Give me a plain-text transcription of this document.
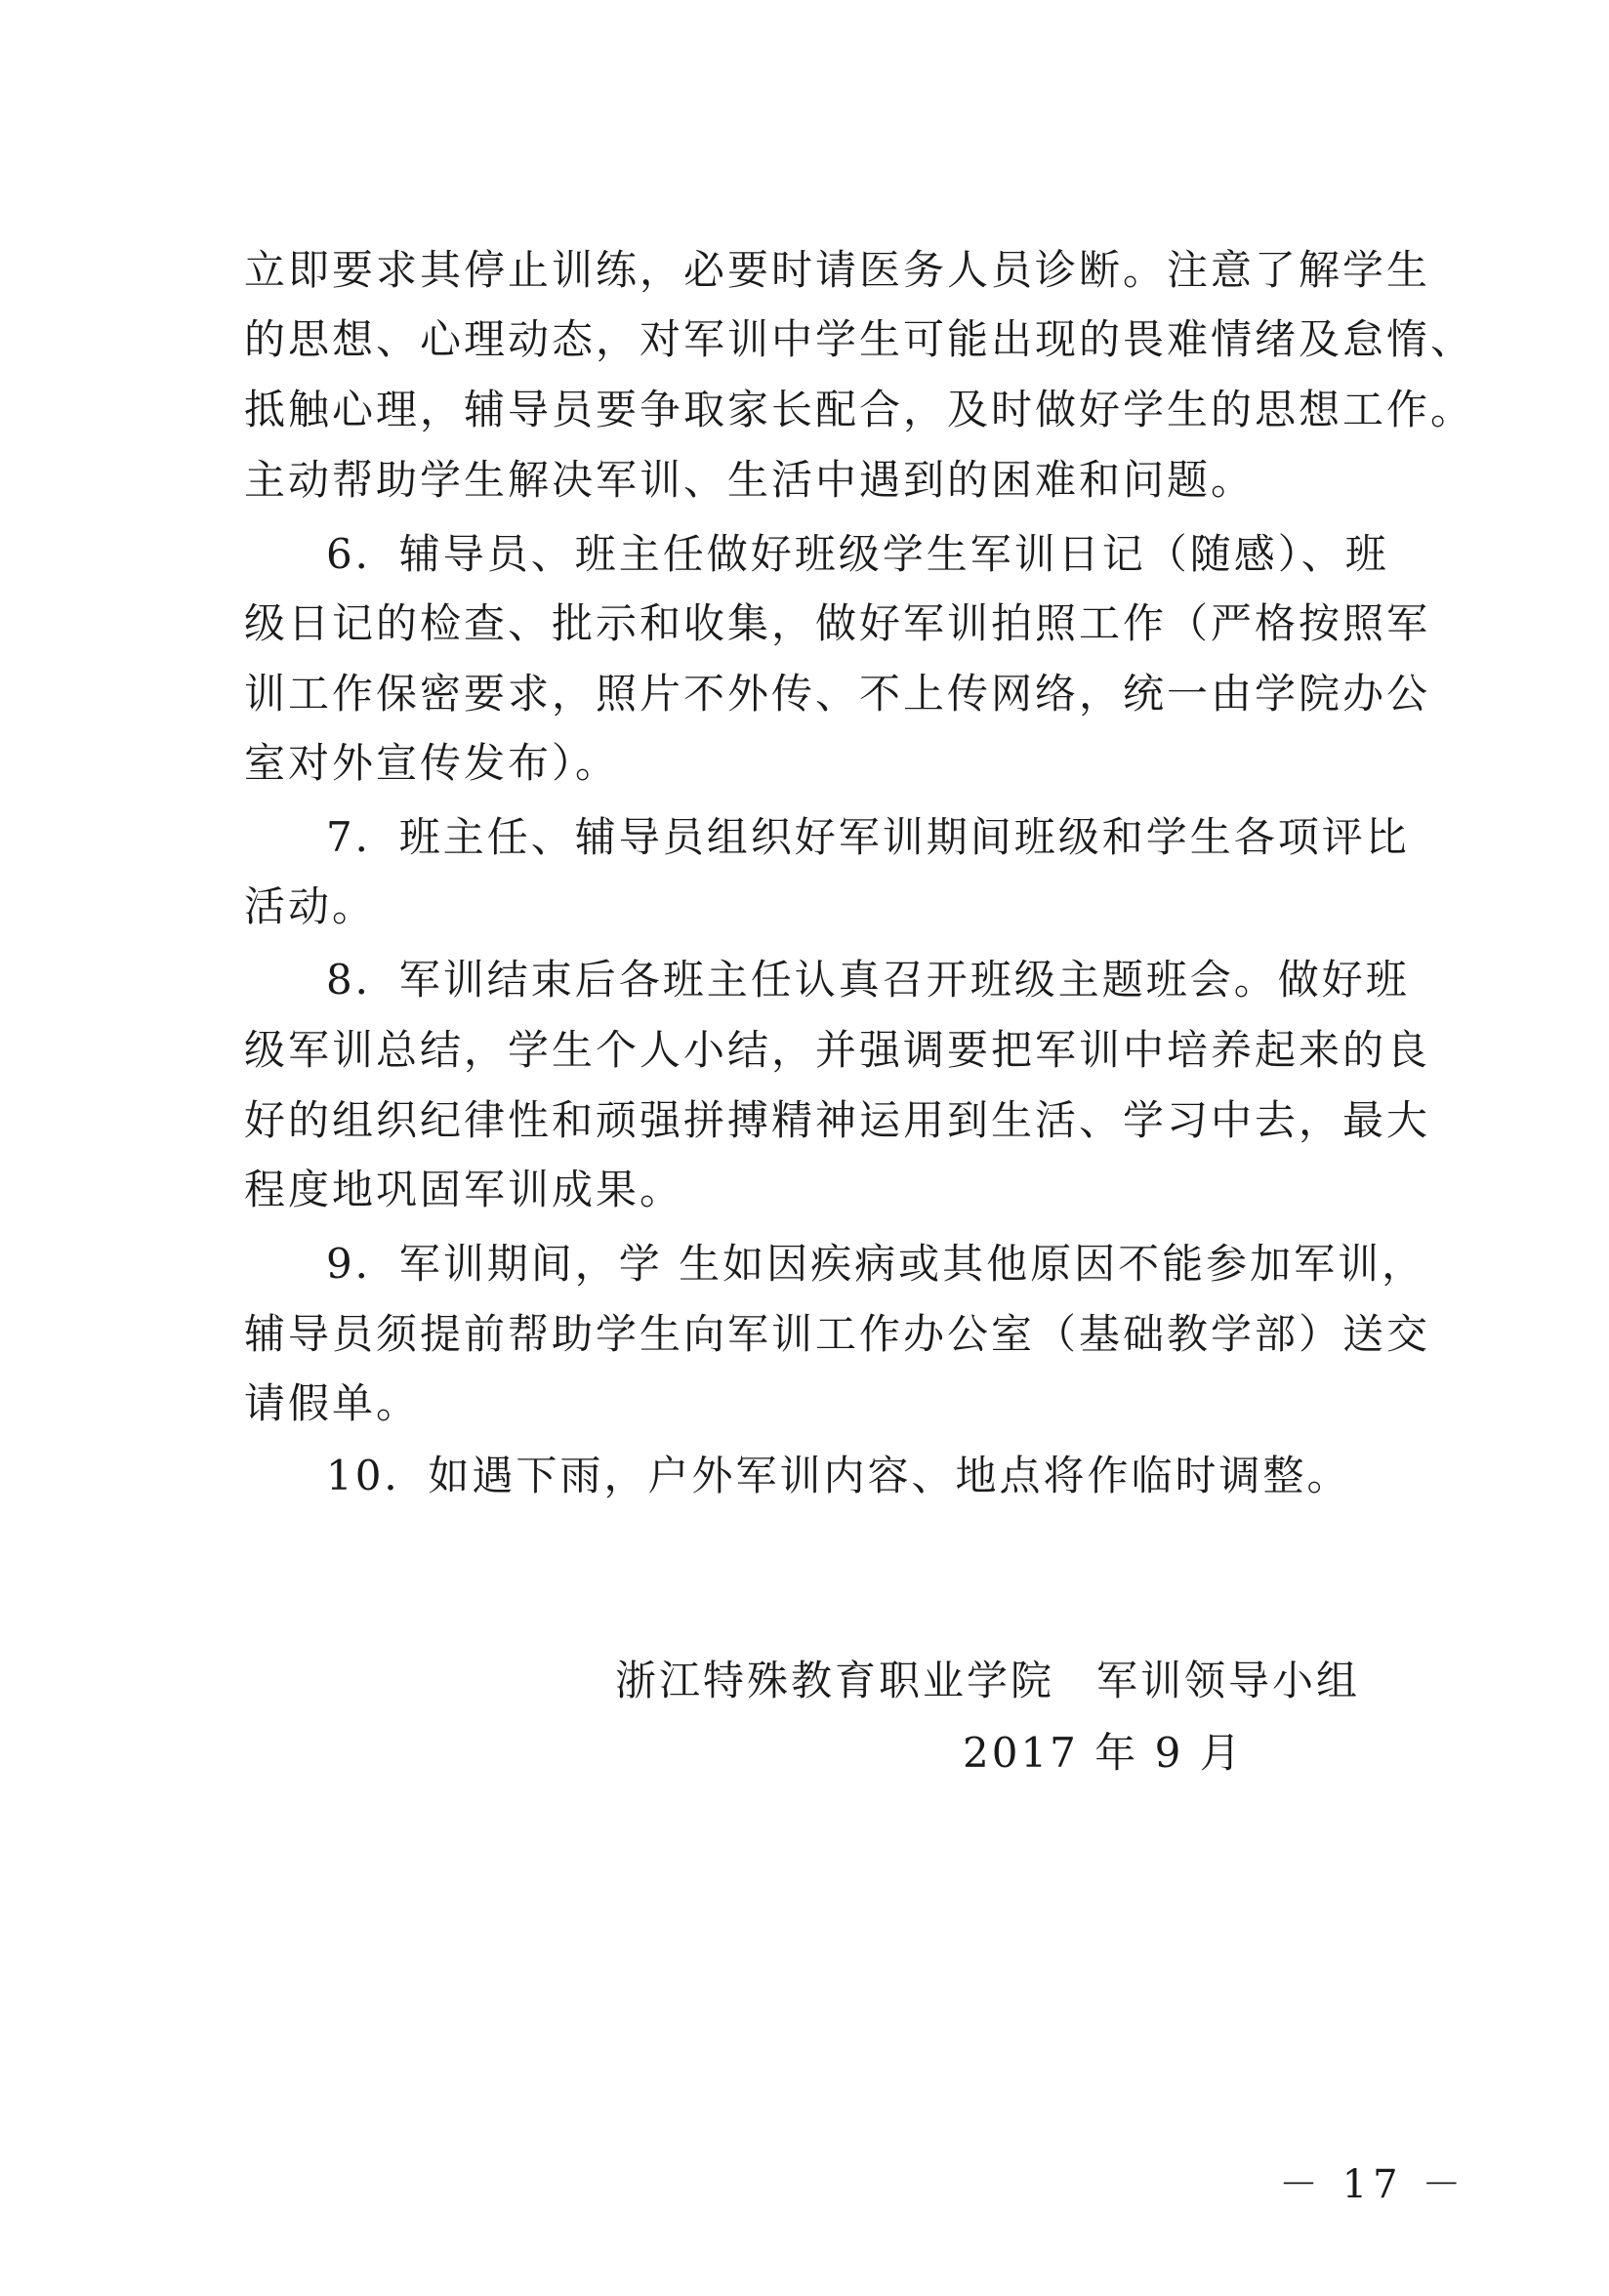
立即要求其停止训练，必要时请医务人员诊断。注意了解学生
的思想、心理动态，对军训中学生可能出现的畏难情绪及怠惰、
抵触心理，辅导员要争取家长配合，及时做好学生的思想工作。
主动帮助学生解决军训、生活中遇到的困难和问题。
6．辅导员、班主任做好班级学生军训日记（随感）、班
级日记的检查、批示和收集，做好军训拍照工作（严格按照军
训工作保密要求，照片不外传、不上传网络，统一由学院办公
室对外宣传发布）。
7．班主任、辅导员组织好军训期间班级和学生各项评比
活动。
8．军训结束后各班主任认真召开班级主题班会。做好班
级军训总结，学生个人小结，并强调要把军训中培养起来的良
好的组织纪律性和顽强拼搏精神运用到生活、学习中去，最大
程度地巩固军训成果。
9．军训期间，学 生如因疾病或其他原因不能参加军训，
辅导员须提前帮助学生向军训工作办公室（基础教学部）送交
请假单。
10．如遇下雨，户外军训内容、地点将作临时调整。
浙江特殊教育职业学院 军训领导小组
2017 年 9 月
－ 17 －
